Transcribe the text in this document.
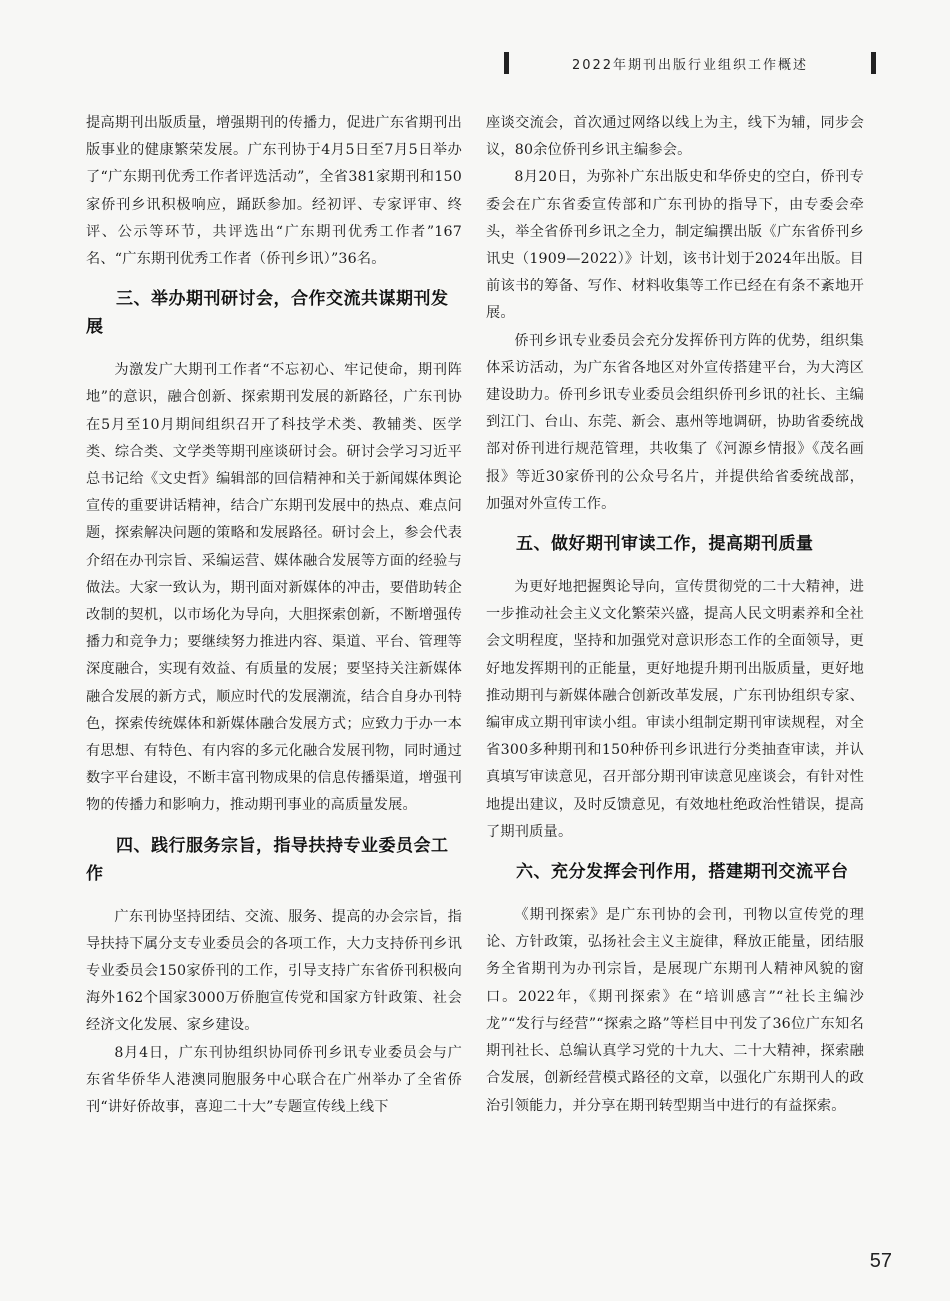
2022年期刊出版行业组织工作概述

提高期刊出版质量，增强期刊的传播力，促进广东省期刊出版事业的健康繁荣发展。广东刊协于4月5日至7月5日举办了“广东期刊优秀工作者评选活动”，全省381家期刊和150家侨刊乡讯积极响应，踊跃参加。经初评、专家评审、终评、公示等环节，共评选出“广东期刊优秀工作者”167名、“广东期刊优秀工作者（侨刊乡讯）”36名。

三、举办期刊研讨会，合作交流共谋期刊发展

为激发广大期刊工作者“不忘初心、牢记使命，期刊阵地”的意识，融合创新、探索期刊发展的新路径，广东刊协在5月至10月期间组织召开了科技学术类、教辅类、医学类、综合类、文学类等期刊座谈研讨会。研讨会学习习近平总书记给《文史哲》编辑部的回信精神和关于新闻媒体舆论宣传的重要讲话精神，结合广东期刊发展中的热点、难点问题，探索解决问题的策略和发展路径。研讨会上，参会代表介绍在办刊宗旨、采编运营、媒体融合发展等方面的经验与做法。大家一致认为，期刊面对新媒体的冲击，要借助转企改制的契机，以市场化为导向，大胆探索创新，不断增强传播力和竞争力；要继续努力推进内容、渠道、平台、管理等深度融合，实现有效益、有质量的发展；要坚持关注新媒体融合发展的新方式，顺应时代的发展潮流，结合自身办刊特色，探索传统媒体和新媒体融合发展方式；应致力于办一本有思想、有特色、有内容的多元化融合发展刊物，同时通过数字平台建设，不断丰富刊物成果的信息传播渠道，增强刊物的传播力和影响力，推动期刊事业的高质量发展。

四、践行服务宗旨，指导扶持专业委员会工作

广东刊协坚持团结、交流、服务、提高的办会宗旨，指导扶持下属分支专业委员会的各项工作，大力支持侨刊乡讯专业委员会150家侨刊的工作，引导支持广东省侨刊积极向海外162个国家3000万侨胞宣传党和国家方针政策、社会经济文化发展、家乡建设。

8月4日，广东刊协组织协同侨刊乡讯专业委员会与广东省华侨华人港澳同胞服务中心联合在广州举办了全省侨刊“讲好侨故事，喜迎二十大”专题宣传线上线下

座谈交流会，首次通过网络以线上为主，线下为辅，同步会议，80余位侨刊乡讯主编参会。

8月20日，为弥补广东出版史和华侨史的空白，侨刊专委会在广东省委宣传部和广东刊协的指导下，由专委会牵头，举全省侨刊乡讯之全力，制定编撰出版《广东省侨刊乡讯史（1909—2022）》计划，该书计划于2024年出版。目前该书的筹备、写作、材料收集等工作已经在有条不紊地开展。

侨刊乡讯专业委员会充分发挥侨刊方阵的优势，组织集体采访活动，为广东省各地区对外宣传搭建平台，为大湾区建设助力。侨刊乡讯专业委员会组织侨刊乡讯的社长、主编到江门、台山、东莞、新会、惠州等地调研，协助省委统战部对侨刊进行规范管理，共收集了《河源乡情报》《茂名画报》等近30家侨刊的公众号名片，并提供给省委统战部，加强对外宣传工作。

五、做好期刊审读工作，提高期刊质量

为更好地把握舆论导向，宣传贯彻党的二十大精神，进一步推动社会主义文化繁荣兴盛，提高人民文明素养和全社会文明程度，坚持和加强党对意识形态工作的全面领导，更好地发挥期刊的正能量，更好地提升期刊出版质量，更好地推动期刊与新媒体融合创新改革发展，广东刊协组织专家、编审成立期刊审读小组。审读小组制定期刊审读规程，对全省300多种期刊和150种侨刊乡讯进行分类抽查审读，并认真填写审读意见，召开部分期刊审读意见座谈会，有针对性地提出建议，及时反馈意见，有效地杜绝政治性错误，提高了期刊质量。

六、充分发挥会刊作用，搭建期刊交流平台

《期刊探索》是广东刊协的会刊，刊物以宣传党的理论、方针政策，弘扬社会主义主旋律，释放正能量，团结服务全省期刊为办刊宗旨，是展现广东期刊人精神风貌的窗口。2022年，《期刊探索》在“培训感言”“社长主编沙龙”“发行与经营”“探索之路”等栏目中刊发了36位广东知名期刊社长、总编认真学习党的十九大、二十大精神，探索融合发展，创新经营模式路径的文章，以强化广东期刊人的政治引领能力，并分享在期刊转型期当中进行的有益探索。

57
